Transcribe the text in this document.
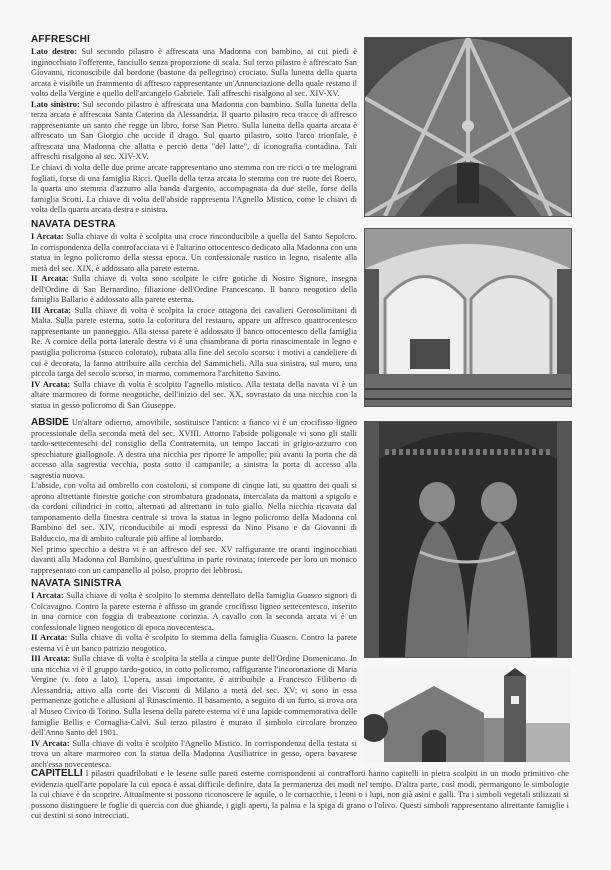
AFFRESCHI

Lato destro: Sul secondo pilastro è affrescata una Madonna con bambino, ai cui piedi è inginocchiato l'offerente, fanciullo senza proporzione di scala. Sul terzo pilastro è affrescato San Giovanni, riconoscibile dal bordone (bastone da pellegrino) crociato. Sulla lunetta della quarta arcata è visibile un frammento di affresco rappresentante un'Annunciazione della quale restano il volto della Vergine e quello dell'arcangelo Gabriele. Tali affreschi risalgono al sec. XIV-XV.

Lato sinistro: Sul secondo pilastro è affrescata una Madonna con bambino. Sulla lunetta della terza arcata è affrescata Santa Caterina da Alessandria. Il quarto pilastro reca tracce di affresco rappresentante un santo che regge un libro, forse San Pietro. Sulla lunetta della quarta arcata è affrescato un San Giorgio che uccide il drago. Sul quarto pilastro, sotto l'arco trionfale, è affrescata una Madonna che allatta e perciò detta "del latte", di iconografia contadina. Tali affreschi risalgono al sec. XIV-XV.

Le chiavi di volta delle due prime arcate rappresentano uno stemma con tre ricci o tre melograni fogliati, forse di una famiglia Ricci. Quella della terza arcata lo stemma con tre ruote dei Roero, la quarta uno stemma d'azzurro alla banda d'argento, accompagnata da due stelle, forse della famiglia Scotti. La chiave di volta dell'abside rappresenta l'Agnello Mistico, come le chiavi di volta della quarta arcata destra e sinistra.

NAVATA DESTRA

I Arcata: Sulla chiave di volta è scolpita una croce rinconducibile a quella del Santo Sepolcro. In corrispondenza della controfacciata vi è l'altarino ottocentesco dedicato alla Madonna con una statua in legno policromo della stessa epoca. Un confessionale rustico in legno, risalente alla metà del sec. XIX, è addossato alla parete esterna.

II Arcata: Sulla chiave di volta sono scolpite le cifre gotiche di Nostro Signore, insegna dell'Ordine di San Bernardino, filiazione dell'Ordine Francescano. Il banco neogotico della famiglia Ballario è addossato alla parete esterna.

III Arcata: Sulla chiave di volta è scolpita la croce ottagona dei cavalieri Gerosolimitani di Malta. Sulla parete esterna, sotto la coloritura del restauro, appare un affresco quattrocentesco rappresentante un panneggio. Alla stessa parete è addossato il banco ottocentesco della famiglia Re. A cornice della porta laterale destra vi è una chiambrana di porta rinascimentale in legno e pastiglia policroma (stucco colorato), rubata alla fine del secolo scorso: i motivi a candeliere di cui è decorata, la fanno attribuire alla cerchia del Sammicheli. Alla sua sinistra, sul muro, una piccola targa del secolo scorso, in marmo, commemora l'architetto Savino.

IV Arcata: Sulla chiave di volta è scolpito l'agnello mistico. Alla testata della navata vi è un altare marmoreo di forme neogotiche, dell'inizio del sec. XX, sovrastato da una nicchia con la statua in gesso policromo di San Giuseppe.

ABSIDE Un'altare odierno, amovibile, sostituisce l'antico: a fianco vi è un crocifisso ligneo processionale della seconda metà del sec. XVIII. Attorno l'abside poligonale vi sono gli stalli tardo-settecenteschi del consiglio della Contraternita, un tempo laccati in grigio-azzurro con specchiature giallognole. A destra una nicchia per riporre le ampolle; più avanti la porta che dà accesso alla sagrestia vecchia, posta sotto il campanile; a sinistra la porta di accesso alla sagrestia nuova.

L'abside, con volta ad ombrello con costoloni, si compone di cinque lati, su quattro dei quali si aprono altrettante finestre gotiche con strombatura gradonata, intercalata da mattoni a spigolo e da cordoni cilindrici in cotto, alternati ad altrettanti in tufo giallo. Nella nicchia ricavata dal tamponamento della finestra centrale si trova la statua in legno policromo della Madonna col Bambino del sec. XIV, riconducibile ai modi espressi da Nino Pisano e da Giovanni di Balduccio, ma di ambito culturale più affine al lombardo.

Nel primo specchio a destra vi è un affresco del sec. XV raffigurante tre oranti inginocchiati davanti alla Madonna col Bambino, quest'ultima in parte rovinata; intercede per loro un monaco rappresentato con un campanello al polso, proprio dei lebbrosi.

NAVATA SINISTRA

I Arcata: Sulla chiave di volta è scolpito lo stemma dentellato della famiglia Guasco signori di Colcavagno. Contro la parete esterna è affisso un grande crocifisso ligneo settecentesco, inserito in una cornice con foggia di trabeazione corinzia. A cavallo con la seconda arcata vi è un confessionale ligneo neogotico di epoca novecentesca.

II Arcata: Sulla chiave di volta è scolpito lo stemma della famiglia Guasco. Contro la parete esterna vi è un banco patrizio neogotico.

III Arcata: Sulla chiave di volta è scolpita la stella a cinque punte dell'Ordine Domenicano. In una nicchia vi è il gruppo tardo-gotico, in cotto policromo, raffigurante l'incoronazione di Maria Vergine (v. foto a lato). L'opera, assai importante, è attribuibile a Francesco Filiberto di Alessandria, attivo alla corte dei Visconti di Milano a metà del sec. XV; vi sono in essa permanenze gotiche e allusioni al Rinascimento. Il basamento, a seguito di un furto, si trova ora al Museo Civico di Torino. Sulla lesena della parete esterna vi è una lapide commemorativa delle famiglie Bellis e Cornaglia-Calvi. Sul terzo pilastro è murato il simbolo circolare bronzeo dell'Anno Santo del 1901.

IV Arcata: Sulla chiave di volta è scolpito l'Agnello Mistico. In corrispondenza della testata si trova un altare marmoreo con la statua della Madonna Ausiliatrice in gesso, opera bavarese anch'essa novecentesca.

CAPITELLI I pilastri quadrilobati e le lesene sulle pareti esterne corrispondenti ai contrafforti hanno capitelli in pietra scolpiti in un modo primitivo che evidenzia quell'arte popolare la cui epoca è assai difficile definire, data la permanenza dei modi nel tempo. D'altra parte, così modi, permangono le simbologie la cui chiave è da scoprire. Attualmente si possono riconoscere le aquile, o le cornacchie, i leoni o i lupi, non già asini e galli. Tra i simboli vegetali stilizzati si possono distinguere le foglie di quercia con due ghiande, i gigli aperti, la palma e la spiga di grano o l'olivo. Questi simboli rappresentano altrettante famiglie i cui destini si sono intrecciati.
